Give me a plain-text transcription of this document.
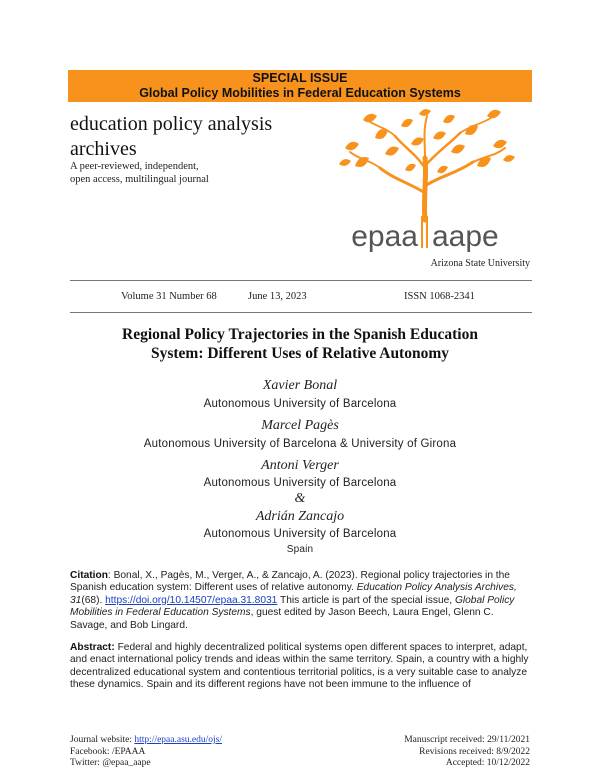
SPECIAL ISSUE
Global Policy Mobilities in Federal Education Systems
education policy analysis
archives
A peer-reviewed, independent,
open access, multilingual journal
epaa aape
Arizona State University
Volume 31 Number 68	June 13, 2023	ISSN 1068-2341
Regional Policy Trajectories in the Spanish Education
System: Different Uses of Relative Autonomy
Xavier Bonal
Autonomous University of Barcelona
Marcel Pagès
Autonomous University of Barcelona & University of Girona
Antoni Verger
Autonomous University of Barcelona
&
Adrián Zancajo
Autonomous University of Barcelona
Spain
Citation: Bonal, X., Pagès, M., Verger, A., & Zancajo, A. (2023). Regional policy trajectories in the Spanish education system: Different uses of relative autonomy. Education Policy Analysis Archives, 31(68). https://doi.org/10.14507/epaa.31.8031 This article is part of the special issue, Global Policy Mobilities in Federal Education Systems, guest edited by Jason Beech, Laura Engel, Glenn C. Savage, and Bob Lingard.
Abstract: Federal and highly decentralized political systems open different spaces to interpret, adapt, and enact international policy trends and ideas within the same territory. Spain, a country with a highly decentralized educational system and contentious territorial politics, is a very suitable case to analyze these dynamics. Spain and its different regions have not been immune to the influence of
Journal website: http://epaa.asu.edu/ojs/
Facebook: /EPAAA
Twitter: @epaa_aape
Manuscript received: 29/11/2021
Revisions received: 8/9/2022
Accepted: 10/12/2022
